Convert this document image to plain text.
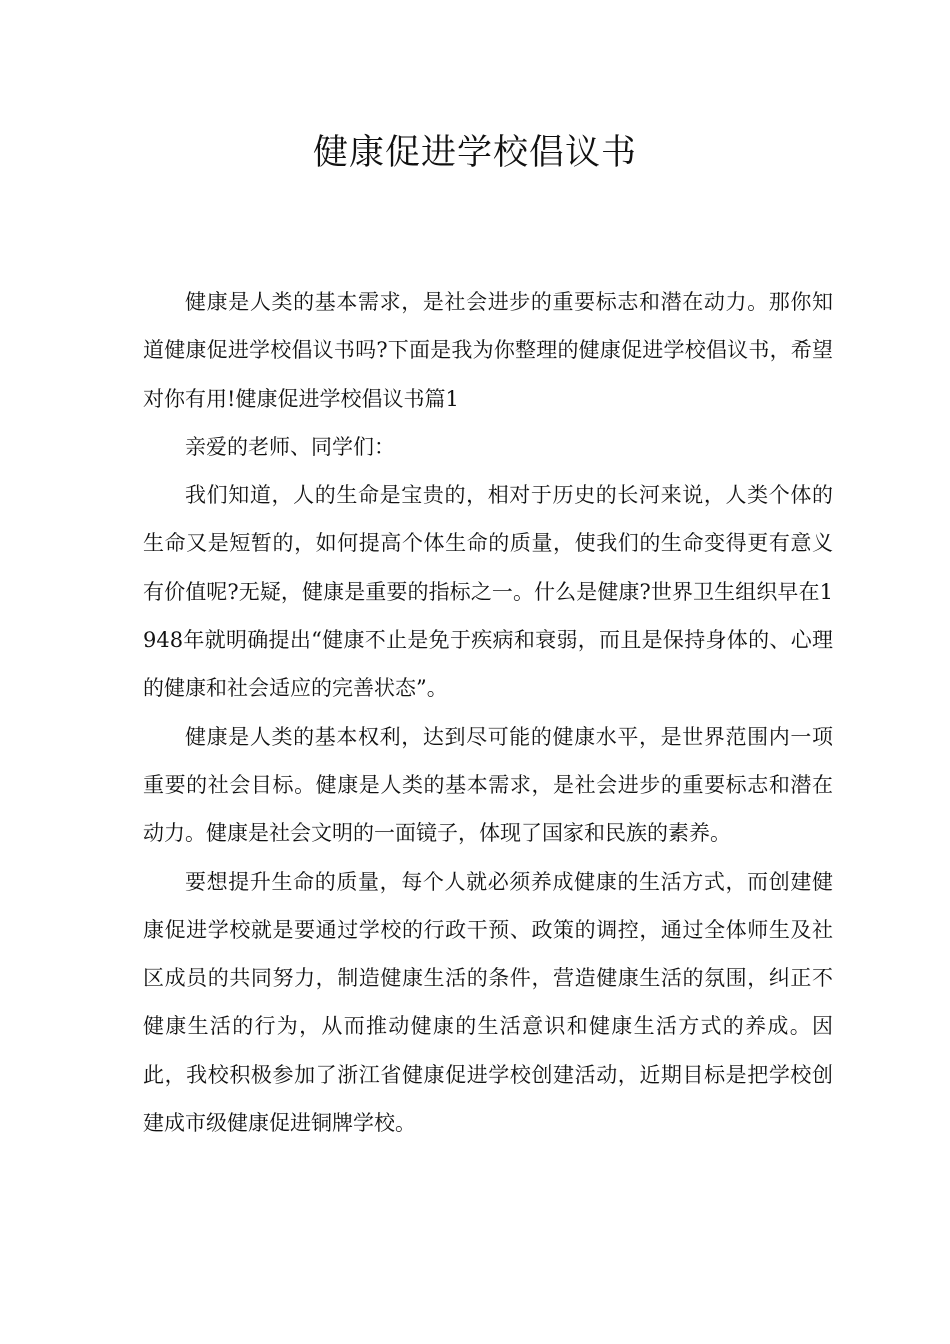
健康促进学校倡议书

健康是人类的基本需求，是社会进步的重要标志和潜在动力。那你知道健康促进学校倡议书吗?下面是我为你整理的健康促进学校倡议书，希望对你有用!健康促进学校倡议书篇1

亲爱的老师、同学们：

我们知道，人的生命是宝贵的，相对于历史的长河来说，人类个体的生命又是短暂的，如何提高个体生命的质量，使我们的生命变得更有意义有价值呢?无疑，健康是重要的指标之一。什么是健康?世界卫生组织早在1948年就明确提出“健康不止是免于疾病和衰弱，而且是保持身体的、心理的健康和社会适应的完善状态”。

健康是人类的基本权利，达到尽可能的健康水平，是世界范围内一项重要的社会目标。健康是人类的基本需求，是社会进步的重要标志和潜在动力。健康是社会文明的一面镜子，体现了国家和民族的素养。

要想提升生命的质量，每个人就必须养成健康的生活方式，而创建健康促进学校就是要通过学校的行政干预、政策的调控，通过全体师生及社区成员的共同努力，制造健康生活的条件，营造健康生活的氛围，纠正不健康生活的行为，从而推动健康的生活意识和健康生活方式的养成。因此，我校积极参加了浙江省健康促进学校创建活动，近期目标是把学校创建成市级健康促进铜牌学校。
